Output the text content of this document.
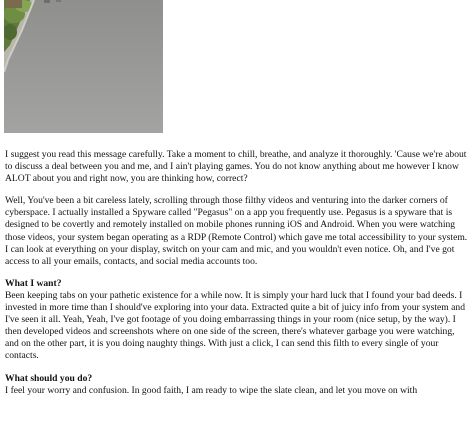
I suggest you read this message carefully. Take a moment to chill, breathe, and analyze it thoroughly. 'Cause we're about to discuss a deal between you and me, and I ain't playing games. You do not know anything about me however I know ALOT about you and right now, you are thinking how, correct?

Well, You've been a bit careless lately, scrolling through those filthy videos and venturing into the darker corners of cyberspace. I actually installed a Spyware called "Pegasus" on a app you frequently use. Pegasus is a spyware that is designed to be covertly and remotely installed on mobile phones running iOS and Android. When you were watching those videos, your system began operating as a RDP (Remote Control) which gave me total accessibility to your system. I can look at everything on your display, switch on your cam and mic, and you wouldn't even notice. Oh, and I've got access to all your emails, contacts, and social media accounts too.

What I want?

Been keeping tabs on your pathetic existence for a while now. It is simply your hard luck that I found your bad deeds. I invested in more time than I should've exploring into your data. Extracted quite a bit of juicy info from your system and I've seen it all. Yeah, Yeah, I've got footage of you doing embarrassing things in your room (nice setup, by the way). I then developed videos and screenshots where on one side of the screen, there's whatever garbage you were watching, and on the other part, it is you doing naughty things. With just a click, I can send this filth to every single of your contacts.

What should you do?

I feel your worry and confusion. In good faith, I am ready to wipe the slate clean, and let you move on with
